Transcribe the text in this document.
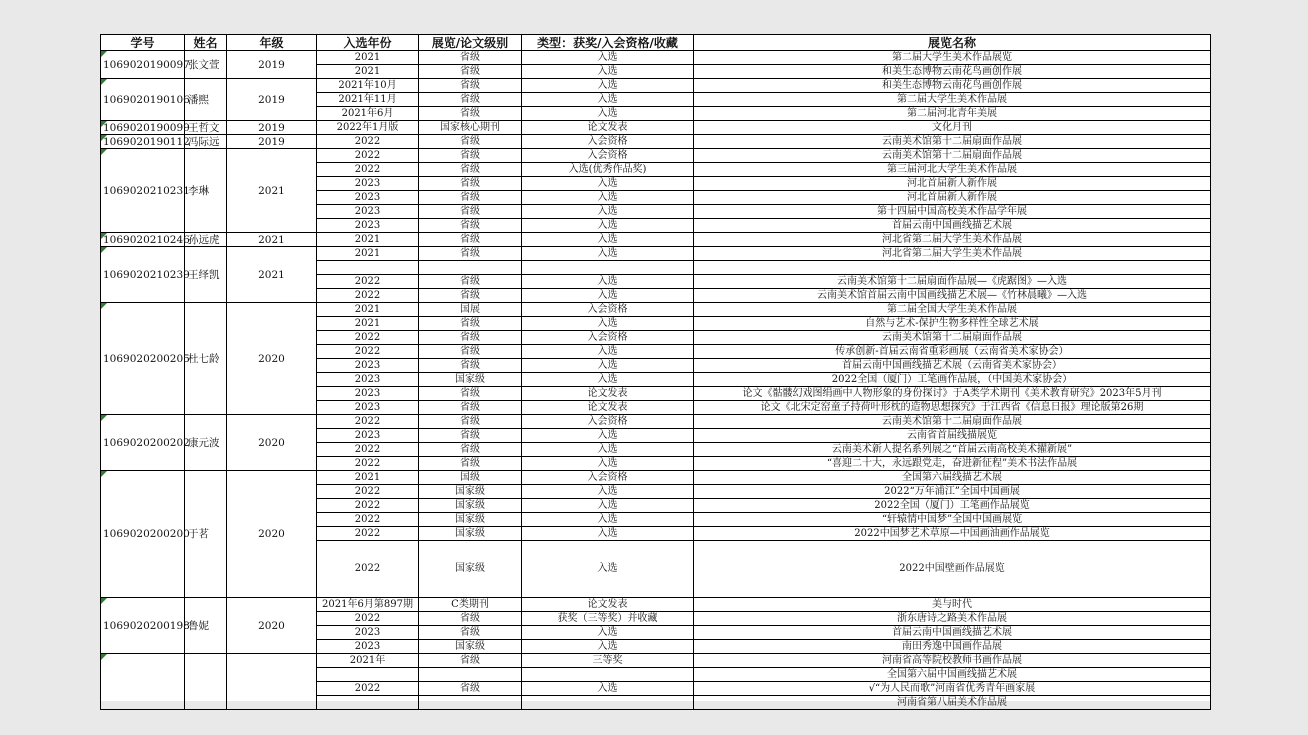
学号	姓名	年级	入选年份	展览/论文级别	类型：获奖/入会资格/收藏	展览名称
1069020190097	张文萱	2019	2021	省级	入选	第二届大学生美术作品展览
			2021	省级	入选	和美生态博物云南花鸟画创作展
1069020190106	潘熙	2019	2021年10月	省级	入选	和美生态博物云南花鸟画创作展
			2021年11月	省级	入选	第二届大学生美术作品展
			2021年6月	省级	入选	第二届河北青年美展
1069020190099	王哲文	2019	2022年1月版	国家核心期刊	论文发表	文化月刊
1069020190112	冯际远	2019	2022	省级	入会资格	云南美术馆第十二届扇面作品展
1069020210231	李琳	2021	2022	省级	入会资格	云南美术馆第十二届扇面作品展
			2022	省级	入选(优秀作品奖)	第三届河北大学生美术作品展
			2023	省级	入选	河北首届新人新作展
			2023	省级	入选	河北首届新人新作展
			2023	省级	入选	第十四届中国高校美术作品学年展
			2023	省级	入选	首届云南中国画线描艺术展
1069020210246	孙远虎	2021	2021	省级	入选	河北省第二届大学生美术作品展
1069020210239	王绎凯	2021	2021	省级	入选	河北省第二届大学生美术作品展

			2022	省级	入选	云南美术馆第十二届扇面作品展—《虎踞图》—入选
			2022	省级	入选	云南美术馆首届云南中国画线描艺术展—《竹林晨曦》—入选
1069020200205	杜七龄	2020	2021	国展	入会资格	第二届全国大学生美术作品展
			2021	省级	入选	自然与艺术-保护生物多样性全球艺术展
			2022	省级	入会资格	云南美术馆第十二届扇面作品展
			2022	省级	入选	传承创新-首届云南省重彩画展（云南省美术家协会）
			2023	省级	入选	首届云南中国画线描艺术展（云南省美术家协会）
			2023	国家级	入选	2022全国（厦门）工笔画作品展，（中国美术家协会）
			2023	省级	论文发表	论文《骷髅幻戏图绢画中人物形象的身份探讨》于A类学术期刊《美术教育研究》2023年5月刊
			2023	省级	论文发表	论文《北宋定窑童子持荷叶形枕的造物思想探究》于江西省《信息日报》理论版第26期
1069020200202	康元波	2020	2022	省级	入会资格	云南美术馆第十二届扇面作品展
			2023	省级	入选	云南省首届线描展览
			2022	省级	入选	云南美术新人提名系列展之“首届云南高校美术擢新展”
			2022	省级	入选	“喜迎二十大，永远跟党走，奋进新征程”美术书法作品展
1069020200200	于茗	2020	2021	国级	入会资格	全国第六届线描艺术展
			2022	国家级	入选	2022“万年浦江”全国中国画展
			2022	国家级	入选	2022全国（厦门）工笔画作品展览
			2022	国家级	入选	“轩辕情中国梦”全国中国画展览
			2022	国家级	入选	2022中国梦艺术草原—中国画油画作品展览
			2022	国家级	入选	2022中国壁画作品展览
1069020200198	鲁妮	2020	2021年6月第897期	C类期刊	论文发表	美与时代
			2022	省级	获奖（三等奖）并收藏	浙东唐诗之路美术作品展
			2023	省级	入选	首届云南中国画线描艺术展
			2023	国家级	入选	南田秀逸中国画作品展
			2021年	省级	三等奖	河南省高等院校教师书画作品展
						全国第六届中国画线描艺术展
			2022	省级	入选	√“为人民而歌”河南省优秀青年画家展
						河南省第八届美术作品展
